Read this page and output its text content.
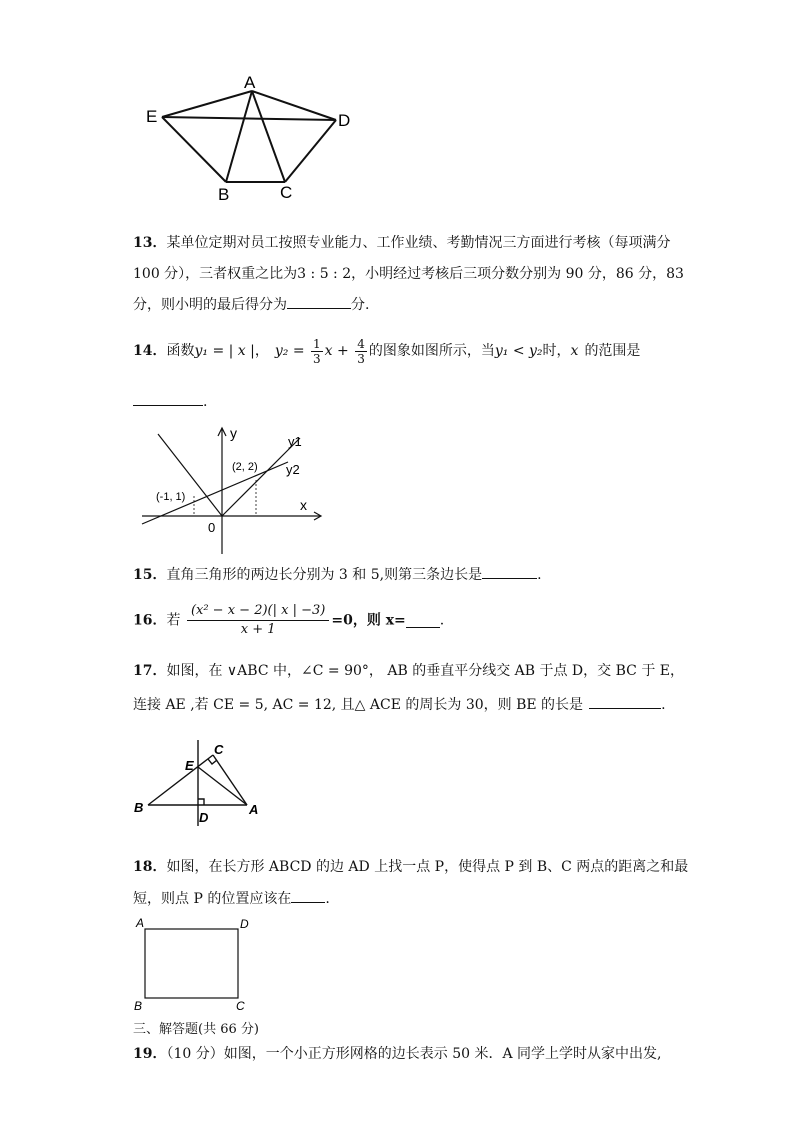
A
E	D
B	C
13．某单位定期对员工按照专业能力、工作业绩、考勤情况三方面进行考核（每项满分
100 分），三者权重之比为3 : 5 : 2，小明经过考核后三项分数分别为 90 分，86 分，83
分，则小明的最后得分为	分.
14．函数y₁ = | x |， $y_2 = \frac{1}{3}$ $x + \frac{4}{3}$ 的图象如图所示，当y₁ < y₂时，x 的范围是
.
y
x
0
y1
y2
(-1, 1)
(2, 2)
15．直角三角形的两边长分别为 3 和 5,则第三条边长是	.
16．若 $\frac{\text{(x² − x − 2)(| x | −3)}}{x + 1} =0$，则 x= .
17．如图，在 ∨ABC 中，∠C = 90°， AB 的垂直平分线交 AB 于点 D，交 BC 于 E，
连接 AE ,若 CE = 5, AC = 12, 且△ ACE 的周长为 30，则 BE 的长是	.
B	A
C
E
D
18．如图，在长方形 ABCD 的边 AD 上找一点 P，使得点 P 到 B、C 两点的距离之和最
短，则点 P 的位置应该在 .
A	D
B	C
三、解答题(共 66 分)
19．（10 分）如图，一个小正方形网格的边长表示 50 米．A 同学上学时从家中出发,
